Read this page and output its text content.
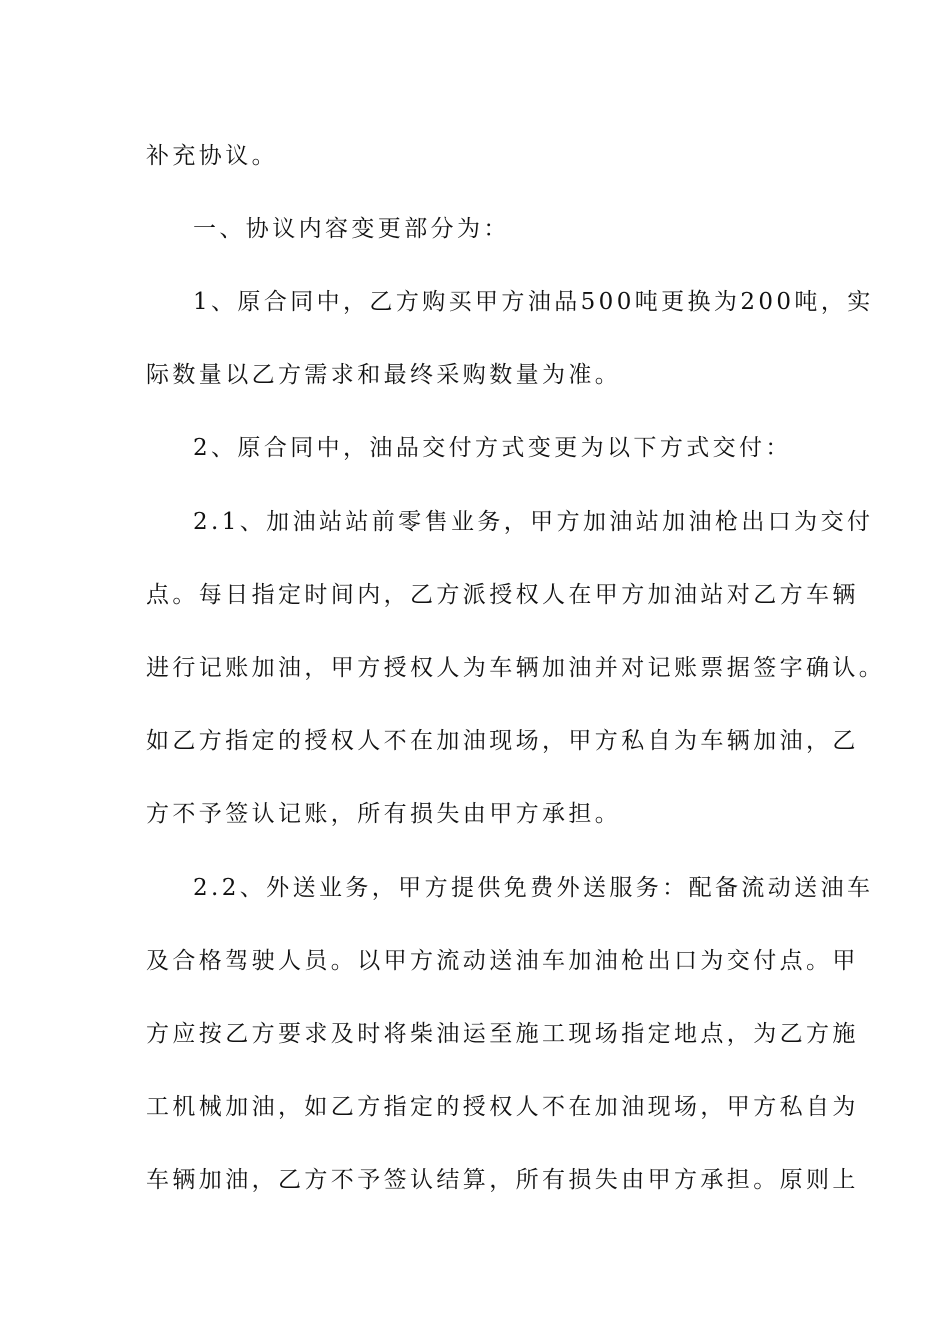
补充协议。

一、协议内容变更部分为：

1、原合同中，乙方购买甲方油品500吨更换为200吨，实

际数量以乙方需求和最终采购数量为准。

2、原合同中，油品交付方式变更为以下方式交付：

2.1、加油站站前零售业务，甲方加油站加油枪出口为交付

点。每日指定时间内，乙方派授权人在甲方加油站对乙方车辆

进行记账加油，甲方授权人为车辆加油并对记账票据签字确认。

如乙方指定的授权人不在加油现场，甲方私自为车辆加油，乙

方不予签认记账，所有损失由甲方承担。

2.2、外送业务，甲方提供免费外送服务：配备流动送油车

及合格驾驶人员。以甲方流动送油车加油枪出口为交付点。甲

方应按乙方要求及时将柴油运至施工现场指定地点，为乙方施

工机械加油，如乙方指定的授权人不在加油现场，甲方私自为

车辆加油，乙方不予签认结算，所有损失由甲方承担。原则上
